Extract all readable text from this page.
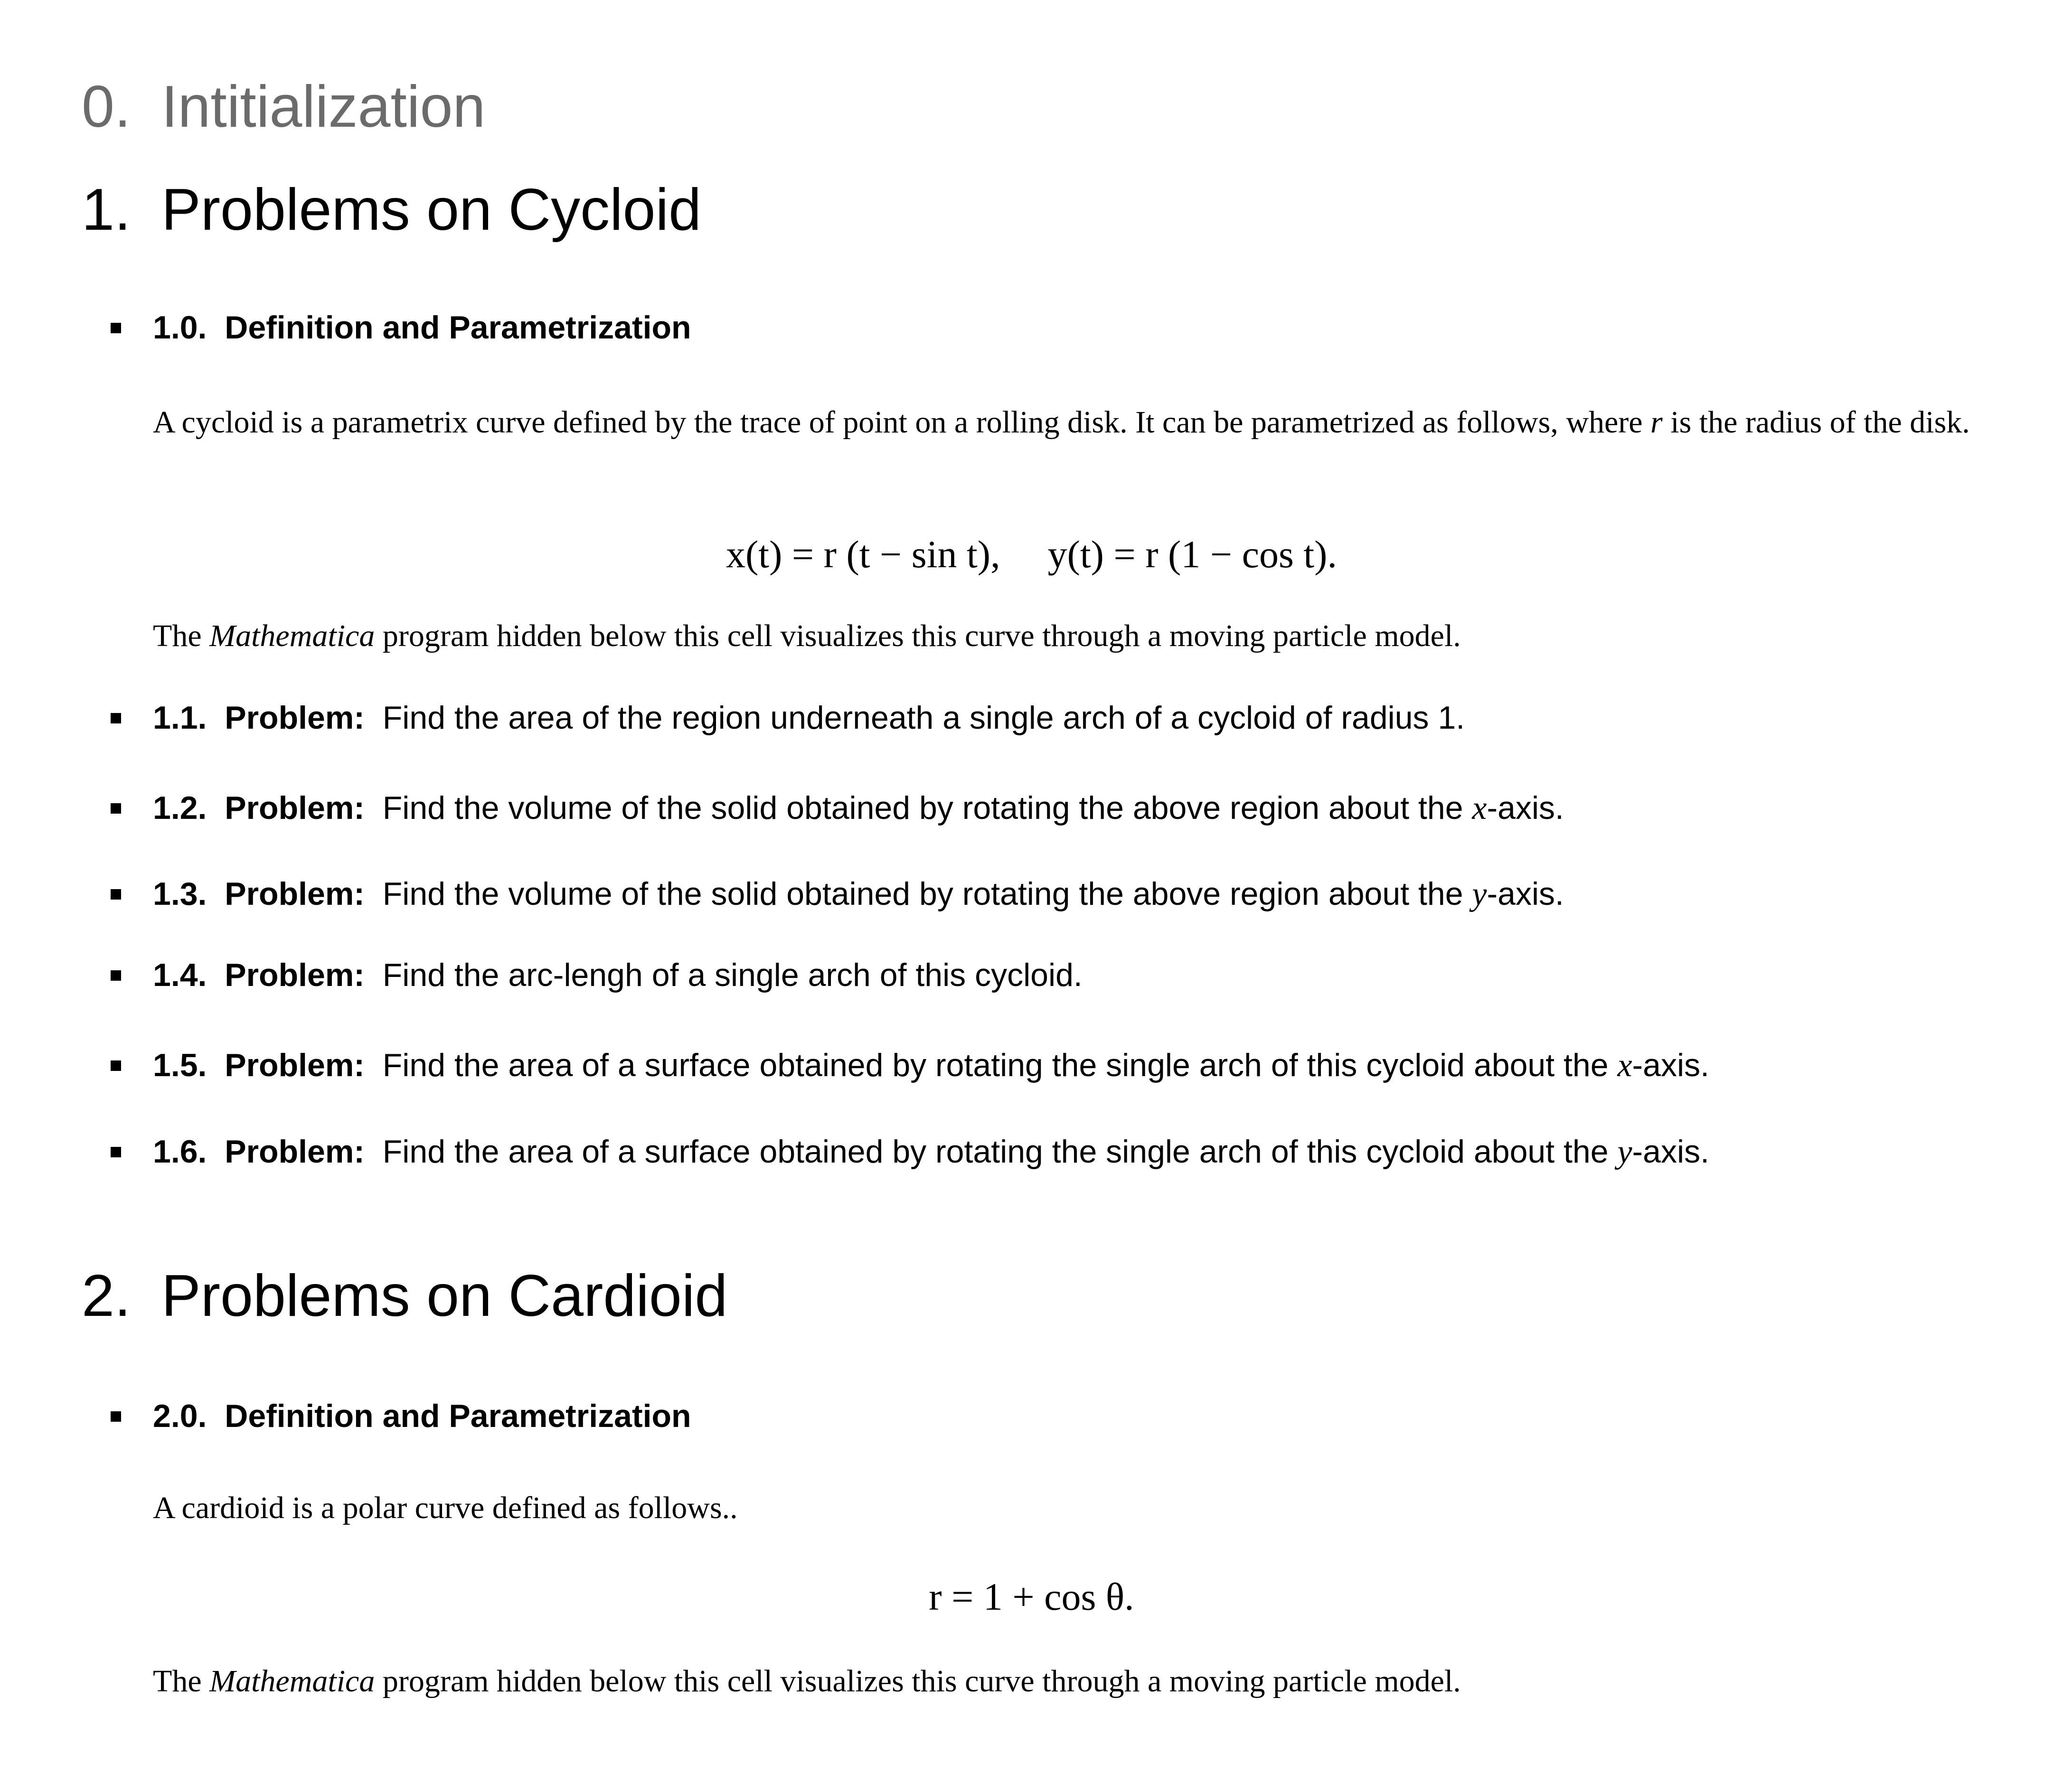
0. Intitialization
1. Problems on Cycloid
1.0. Definition and Parametrization

A cycloid is a parametrix curve defined by the trace of point on a rolling disk. It can be parametrized as follows, where r is the radius of the disk.

x(t) = r (t − sin t), y(t) = r (1 − cos t).

The Mathematica program hidden below this cell visualizes this curve through a moving particle model.

1.1. Problem: Find the area of the region underneath a single arch of a cycloid of radius 1.
1.2. Problem: Find the volume of the solid obtained by rotating the above region about the x-axis.
1.3. Problem: Find the volume of the solid obtained by rotating the above region about the y-axis.
1.4. Problem: Find the arc-lengh of a single arch of this cycloid.
1.5. Problem: Find the area of a surface obtained by rotating the single arch of this cycloid about the x-axis.
1.6. Problem: Find the area of a surface obtained by rotating the single arch of this cycloid about the y-axis.
2. Problems on Cardioid
2.0. Definition and Parametrization

A cardioid is a polar curve defined as follows..

r = 1 + cos θ.

The Mathematica program hidden below this cell visualizes this curve through a moving particle model.
